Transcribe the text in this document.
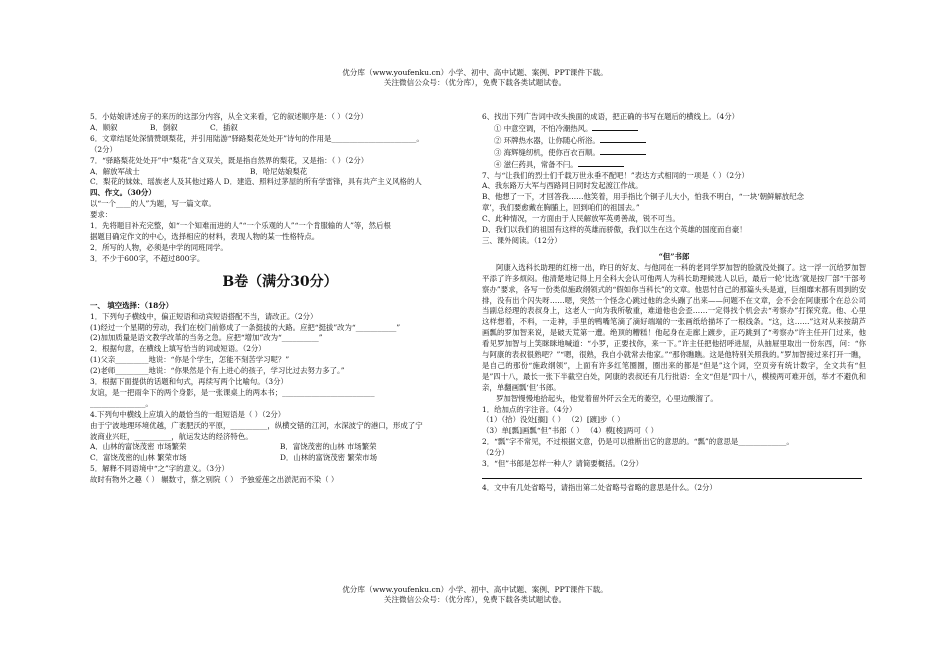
优分库（www.youfenku.cn）小学、初中、高中试题、案例、PPT课件下载。
关注微信公众号：（优分库），免费下载各类试题试卷。

5．小姑娘讲述房子的来历的这部分内容，从全文来看，它的叙述顺序是：（ ）（2分）

A．顺叙	B．倒叙	C．插叙

6．文章结尾处深情赞颂梨花，并引用陆游“驿路梨花处处开”诗句的作用是_______________________。

（2分）

7．“驿路梨花处处开”中“梨花”含义双关，既是指自然界的梨花，又是指：（ ）（2分）

A．解放军战士	B．哈尼姑娘梨花

C．梨花的妹妹、瑶族老人及其他过路人 D．建造、照料过茅屋的所有学雷锋，具有共产主义风格的人

四、作文。（30分）

以“一个____的人”为题，写一篇文章。

要求：

1．先将题目补充完整，如“一个知难而进的人”“一个乐观的人”“一个肯服输的人”等，然后根

据题目确定作文的中心，选择相应的材料，表现人物的某一性格特点。

2．所写的人物，必须是中学的同班同学。

3．不少于600字，不超过800字。

B卷（满分30分）

一、 填空选择：（18分）

1．下列句子横线中，偏正短语和动宾短语搭配不当，请改正。（2分）

(1)经过一个星期的劳动，我们在校门前修成了一条挺拔的大路。应把“挺拔”改为“___________”

(2)加加质量是语文教学改革的当务之急。应把“增加”改为“__________”

2．根据句意，在横线上填写恰当的词或短语。（2分）

(1)父亲_________地说：“你是个学生，怎能不刻苦学习呢？”

(2)老师_________地说：“你果然是个有上进心的孩子，学习比过去努力多了。”

3．根据下面提供的话题和句式，再续写两个比喻句。（3分）

友谊，是一把雨伞下的两个身影，是一张课桌上的两本书；_________________________

_______________。

4.下列句中横线上应填入的最恰当的一组短语是（ ）（2分）

由于宁波地理环境优越，广袤肥沃的平原，__________，纵横交错的江河，水深波宁的港口，形成了宁

波商业兴旺，__________，航运发达的经济特色。

A．山林的富饶茂密 市场繁荣	B．富饶茂密的山林 市场繁荣
C．富饶茂密的山林 繁荣市场	D．山林的富饶茂密 繁荣市场

5．解释不同语境中“之”字的意义。（3分）

故时有物外之趣（ ） 辗数寸，蔡之别院（ ） 予独爱莲之出淤泥而不染（ ）

6、找出下列广告词中改头换面的成语，把正确的书写在题后的横线上。（4分）

① 中意空调，不怕冷潮热风。

② 环牌热水器，让你随心所浴。

③ 海辉缝纫机，使你百衣百顺。

④ 滋仨药具，常备不闩。

7、与“让我们的烈士们千载万世永垂不配吧！”表达方式相同的一项是（ ）（2分）

A、我东路万大军与西路同日同时发起渡江作战。

B、他想了一下，才回答我……他笑着，用手指比个铜子儿大小，怕我不明白，“一块‘朝鲜解放纪念

章’，我们要愈戴在胸脯上，回到咱们的祖国去。”

C、此种情况，一方面由于人民解放军英勇善战，锐不可当。

D、我们以我们的祖国有这样的英雄而骄傲，我们以生在这个英雄的国度而自豪！

三、课外阅读。（12分）

“但”书郎

阿康入选科长助理的红榜一出，昨日的好友、与他同在一科的老同学罗加智的脸就没处搁了。这一浮一沉给罗加智平添了许多烦闷。他清楚地记得上月全科大会认可他两人为科长助理候选人以后，最后一轮‘比选’就是按厂部“干部考察办”要求，各写一份类似施政纲领式的“假如你当科长”的文章。他思忖自己的那篇头头是道，巨细靡末都有周到的安排，没有出个闪失呀……嗯，突然一个怪念心跳过他的念头蹦了出来——问题不在文章，会不会在阿康那个在总公司当副总经理的表叔身上，这老人一向为我所敬重，难道他也会歪……一定得找个机会去“考察办”打探究竟。他、心里这样想着，不料，一走神，手里的鸭嘴笔滴了滴好端端的一张画纸给描坏了一根线条。“这，这……”这对从来按葫芦画瓢的罗加智来说，是破天荒第一遭。绝顶的糟糕！他起身在走廊上踱步，正巧跳到了“考察办”许主任开门过来，他看见罗加智与上笑眯眯地喊道：“小罗，正要找你，来一下。”许主任把他招呼进屋，从抽屉里取出一份东西，问：“你与阿康的表叔很熟吧？”“嗯，很熟，我自小就常去他家。”“那你瞧瞧。这是他特别关照我的。”罗加智接过来打开一瞧，是自己的那份“施政纲领”，上面有许多红笔圈圈，圈出来的都是“但是”这个词，空页旁有统计数字，全文共有“但是”四十八，最长一张下半截空白处，阿康的表叔还有几行批语：全文“但是”四十八，模棱两可难开创，举才不避仇和亲，单翻画瓢‘但’书郎。

罗加智慢慢地拾起头，他觉着留外阡云全无的萎空，心里边酸溜了。

1．给加点的字注音。（4分）

（1）（拾）没处[搁]（ ） （2）[踱]步（ ）

（3）单[瓢]画瓢“但”书郎（ ） （4）模[棱]两可（ ）

2．“瓢”字不常见，不过根据文意，仍是可以推断出它的意思的。“瓢”的意思是_____________。

（2分）

3．“但”书郎是怎样一种人？请简要概括。（2分）

4．文中有几处省略号，请指出第二处省略号省略的意思是什么。（2分）

优分库（www.youfenku.cn）小学、初中、高中试题、案例、PPT课件下载。
关注微信公众号：（优分库），免费下载各类试题试卷。
